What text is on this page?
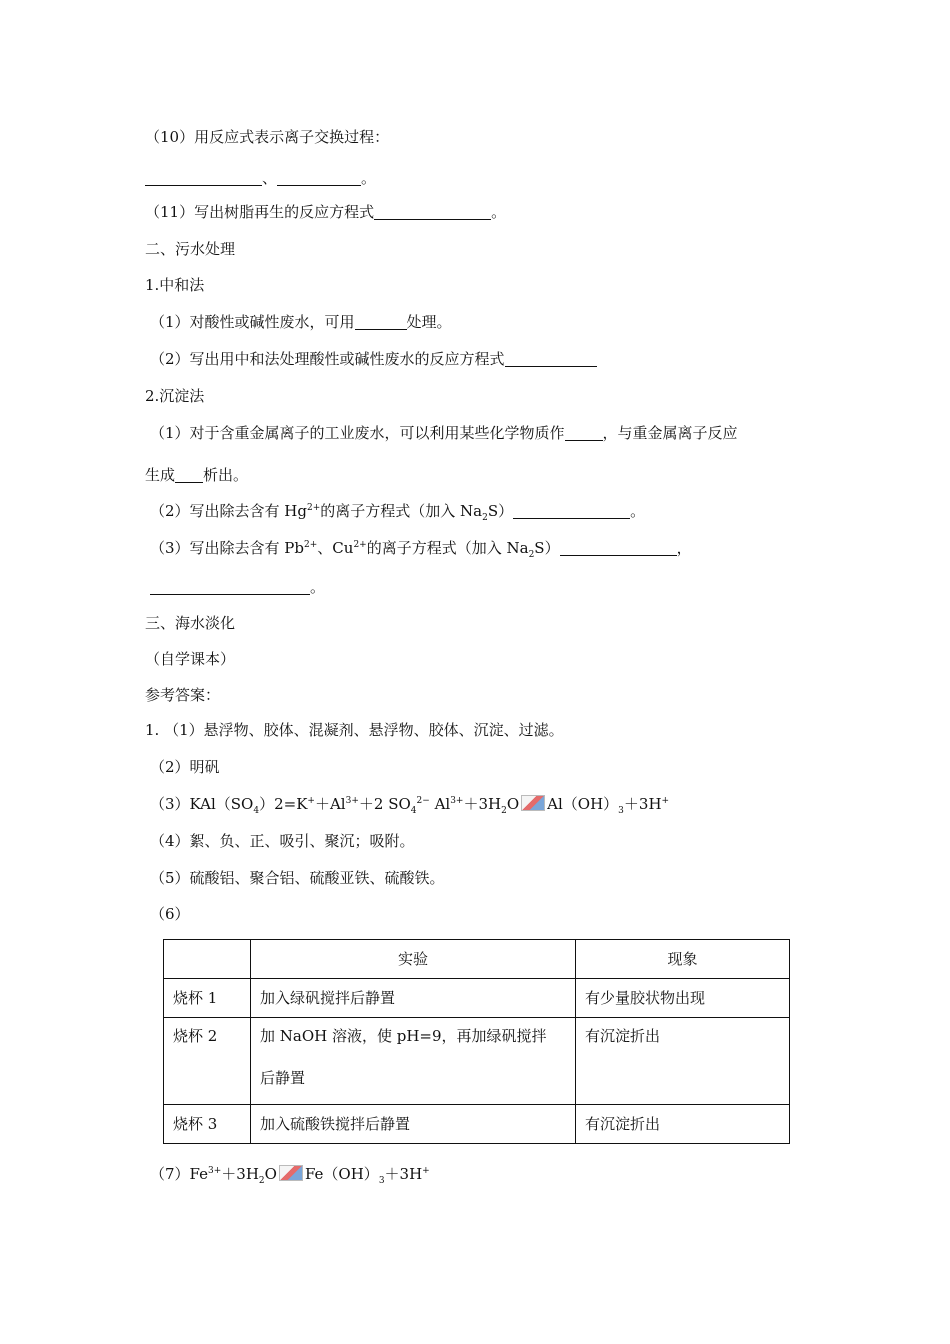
（10）用反应式表示离子交换过程：
、	。
（11）写出树脂再生的反应方程式	。
二、污水处理
1.中和法
（1）对酸性或碱性废水，可用	处理。
（2）写出用中和法处理酸性或碱性废水的反应方程式
2.沉淀法
（1）对于含重金属离子的工业废水，可以利用某些化学物质作	，与重金属离子反应
生成 析出。
（2）写出除去含有 $Hg^{2+}$的离子方程式（加入 $Na_2S$）	。
（3）写出除去含有 $Pb^{2+}$、$Cu^{2+}$的离子方程式（加入 $Na_2S$）	，
。
三、海水淡化
（自学课本）
参考答案：
1. （1）悬浮物、胶体、混凝剂、悬浮物、胶体、沉淀、过滤。
（2）明矾
$(3)KAl(SO_4)2=K^++Al^{3+}+2$ $SO_4^{2-}$ $Al^{3+}+3H_2O$ $Al(OH)_3+3H^+$
（4）絮、负、正、吸引、聚沉；吸附。
（5）硫酸铝、聚合铝、硫酸亚铁、硫酸铁。
（6）
	实验	现象
烧杯 1	加入绿矾搅拌后静置	有少量胶状物出现
烧杯 2	加 NaOH 溶液，使 pH=9，再加绿矾搅拌
后静置	有沉淀折出
烧杯 3	加入硫酸铁搅拌后静置	有沉淀折出
$(7)Fe^{3+}+3H_2O$ $Fe(OH)_3+3H^+$
